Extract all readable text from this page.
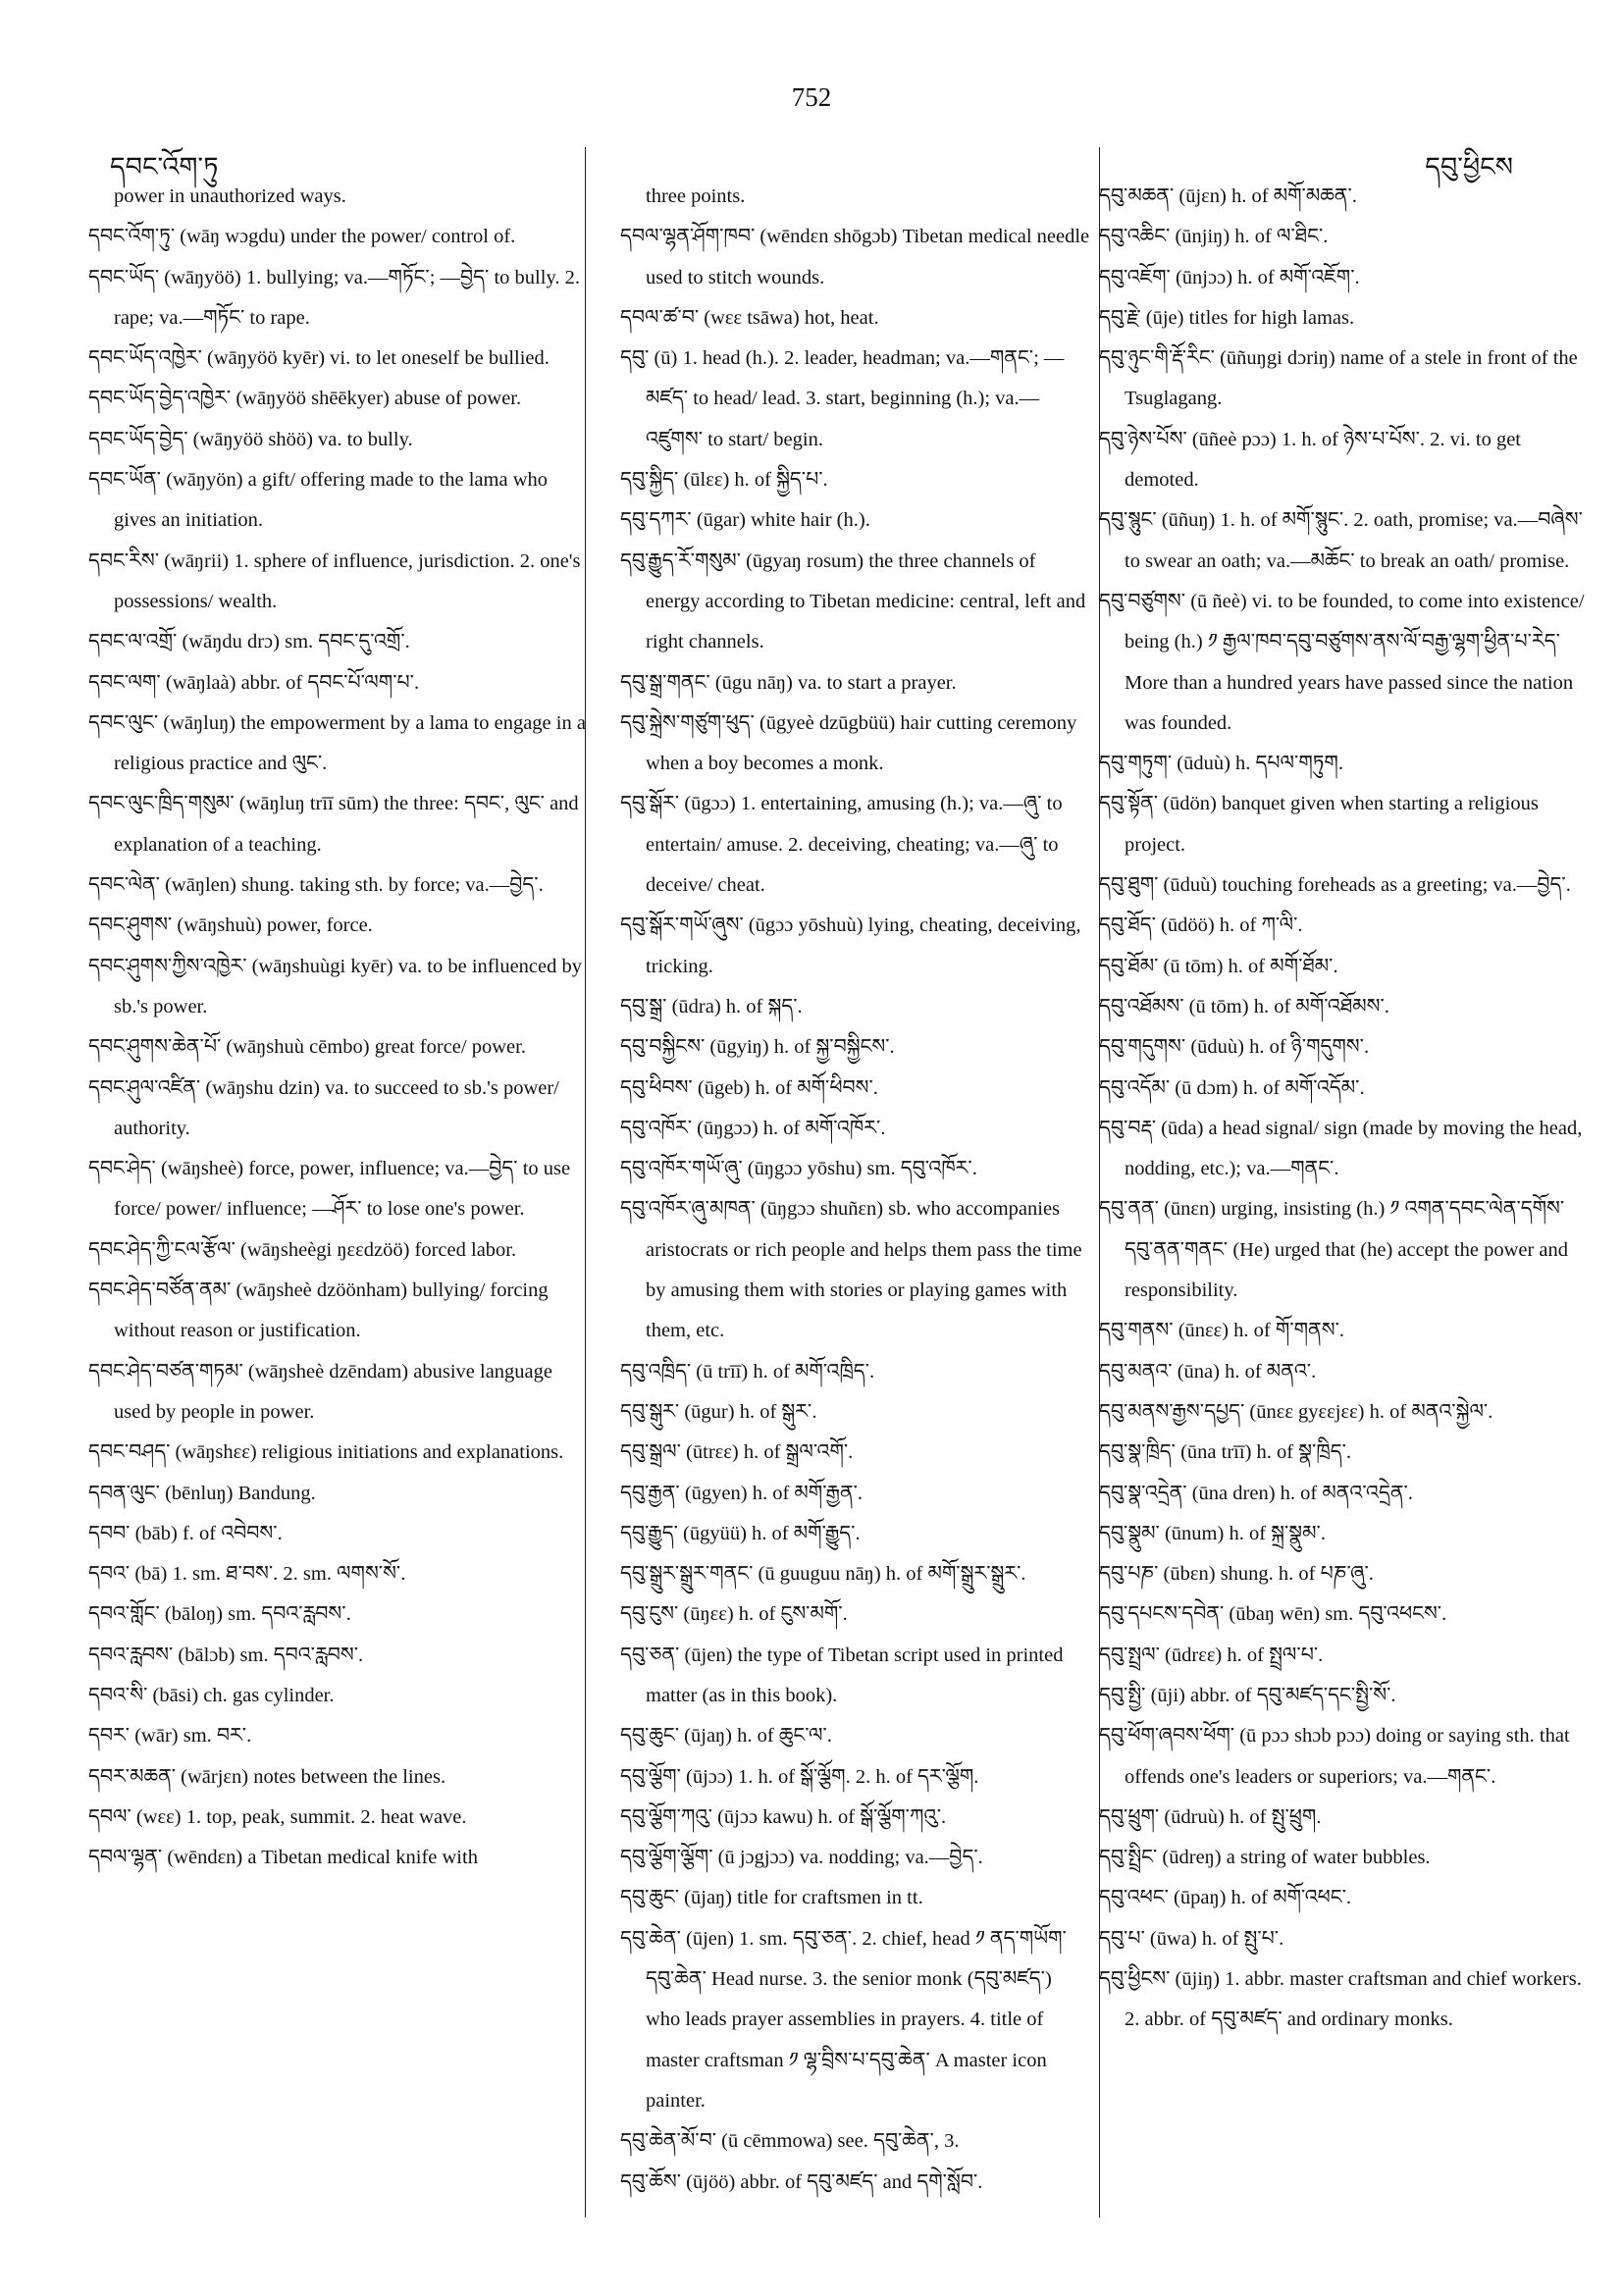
དབང་འོག་ཏུ
752
དབུ་ཕྱིངས

power in unauthorized ways.

དབང་འོག་ཏུ་ (wāŋ wɔgdu) under the power/ control of.

དབང་ཡོད་ (wāŋyöö) 1. bullying; va.—གཏོང་; —བྱེད་ to bully. 2. rape; va.—གཏོང་ to rape.

དབང་ཡོད་འཁྱེར་ (wāŋyöö kyēr) vi. to let oneself be bullied.

དབང་ཡོད་བྱེད་འཁྱེར་ (wāŋyöö shēēkyer) abuse of power.

དབང་ཡོད་བྱེད་ (wāŋyöö shöö) va. to bully.

དབང་ཡོན་ (wāŋyön) a gift/ offering made to the lama who gives an initiation.

དབང་རིས་ (wāŋrii) 1. sphere of influence, jurisdiction. 2. one's possessions/ wealth.

དབང་ལ་འགྲོ་ (wāŋdu drɔ) sm. དབང་དུ་འགྲོ་.

དབང་ལག་ (wāŋlaà) abbr. of དབང་པོ་ལག་པ་.

དབང་ལུང་ (wāŋluŋ) the empowerment by a lama to engage in a religious practice and ལུང་.

དབང་ལུང་ཁྲིད་གསུམ་ (wāŋluŋ trīī sūm) the three: དབང་, ལུང་ and explanation of a teaching.

དབང་ལེན་ (wāŋlen) shung. taking sth. by force; va.—བྱེད་.

དབང་ཤུགས་ (wāŋshuù) power, force.

དབང་ཤུགས་ཀྱིས་འཁྱེར་ (wāŋshuùgi kyēr) va. to be influenced by sb.'s power.

དབང་ཤུགས་ཆེན་པོ་ (wāŋshuù cēmbo) great force/ power.

དབང་ཤུལ་འཛིན་ (wāŋshu dzin) va. to succeed to sb.'s power/ authority.

དབང་ཤེད་ (wāŋsheè) force, power, influence; va.—བྱེད་ to use force/ power/ influence; —ཤོར་ to lose one's power.

དབང་ཤེད་ཀྱི་ངལ་རྩོལ་ (wāŋsheègi ŋɛɛdzöö) forced labor.

དབང་ཤེད་བཙོན་ནམ་ (wāŋsheè dzöönham) bullying/ forcing without reason or justification.

དབང་ཤེད་བཙན་གཏམ་ (wāŋsheè dzēndam) abusive language used by people in power.

དབང་བཤད་ (wāŋshɛɛ) religious initiations and explanations.

དབན་ལུང་ (bēnluŋ) Bandung.

དབབ་ (bāb) f. of འབེབས་.

དབའ་ (bā) 1. sm. ཐ་བས་. 2. sm. ལགས་སོ་.

དབའ་གློང་ (bāloŋ) sm. དབའ་རླབས་.

དབའ་རླབས་ (bālɔb) sm. དབའ་རླབས་.

དབའ་སི་ (bāsi) ch. gas cylinder.

དབར་ (wār) sm. བར་.

དབར་མཆན་ (wārjɛn) notes between the lines.

དབལ་ (wɛɛ) 1. top, peak, summit. 2. heat wave.

དབལ་ལྷན་ (wēndɛn) a Tibetan medical knife with

three points.

དབལ་ལྷན་ཤོག་ཁབ་ (wēndɛn shōgɔb) Tibetan medical needle used to stitch wounds.

དབལ་ཚ་བ་ (wɛɛ tsāwa) hot, heat.

དབུ་ (ū) 1. head (h.). 2. leader, headman; va.—གནང་; —མཛད་ to head/ lead. 3. start, beginning (h.); va.—འཛུགས་ to start/ begin.

དབུ་སྐྱིད་ (ūlɛɛ) h. of སྐྱིད་པ་.

དབུ་དཀར་ (ūgar) white hair (h.).

དབུ་རྒྱུད་རོ་གསུམ་ (ūgyaŋ rosum) the three channels of energy according to Tibetan medicine: central, left and right channels.

དབུ་སྒྲ་གནང་ (ūgu nāŋ) va. to start a prayer.

དབུ་སྐྲེས་གཙུག་ཕུད་ (ūgyeè dzūgbüü) hair cutting ceremony when a boy becomes a monk.

དབུ་སྒོར་ (ūgɔɔ) 1. entertaining, amusing (h.); va.—ཞུ་ to entertain/ amuse. 2. deceiving, cheating; va.—ཞུ་ to deceive/ cheat.

དབུ་སྒོར་གཡོ་ཞུས་ (ūgɔɔ yōshuù) lying, cheating, deceiving, tricking.

དབུ་སྒྲ་ (ūdra) h. of སྐད་.

དབུ་བསྐྱིངས་ (ūgyiŋ) h. of སྐྱ་བསྐྱིངས་.

དབུ་ཕིབས་ (ūgeb) h. of མགོ་ཕིབས་.

དབུ་འཁོར་ (ūŋgɔɔ) h. of མགོ་འཁོར་.

དབུ་འཁོར་གཡོ་ཞུ་ (ūŋgɔɔ yōshu) sm. དབུ་འཁོར་.

དབུ་འཁོར་ཞུ་མཁན་ (ūŋgɔɔ shuñɛn) sb. who accompanies aristocrats or rich people and helps them pass the time by amusing them with stories or playing games with them, etc.

དབུ་འཁྲིད་ (ū trīī) h. of མགོ་འཁྲིད་.

དབུ་སྒུར་ (ūgur) h. of སྒུར་.

དབུ་སྒྲལ་ (ūtrɛɛ) h. of སྒྲལ་འགོ་.

དབུ་རྒྱན་ (ūgyen) h. of མགོ་རྒྱན་.

དབུ་རྒྱུད་ (ūgyüü) h. of མགོ་རྒྱུད་.

དབུ་སྒྲུར་སྒྲུར་གནང་ (ū guuguu nāŋ) h. of མགོ་སྒྲུར་སྒྲུར་.

དབུ་ངུས་ (ūŋɛɛ) h. of ངུས་མགོ་.

དབུ་ཅན་ (ūjen) the type of Tibetan script used in printed matter (as in this book).

དབུ་ཆུང་ (ūjaŋ) h. of ཆུང་ལ་.

དབུ་ལྕོག་ (ūjɔɔ) 1. h. of སྒོ་ལྕོག. 2. h. of དར་ལྕོག.

དབུ་ལྕོག་ཀའུ་ (ūjɔɔ kawu) h. of སྒོ་ལྕོག་ཀའུ་.

དབུ་ལྕོག་ལྕོག་ (ū jɔgjɔɔ) va. nodding; va.—བྱེད་.

དབུ་ཆུང་ (ūjaŋ) title for craftsmen in tt.

དབུ་ཆེན་ (ūjen) 1. sm. དབུ་ཅན་. 2. chief, head ༡ ནད་གཡོག་དབུ་ཆེན་ Head nurse. 3. the senior monk (དབུ་མཛད་) who leads prayer assemblies in prayers. 4. title of master craftsman ༡ ལྷ་བྲིས་པ་དབུ་ཆེན་ A master icon painter.

དབུ་ཆེན་མོ་བ་ (ū cēmmowa) see. དབུ་ཆེན་, 3.

དབུ་ཆོས་ (ūjöö) abbr. of དབུ་མཛད་ and དགེ་སློབ་.

དབུ་མཆན་ (ūjɛn) h. of མགོ་མཆན་.

དབུ་འཆིང་ (ūnjiŋ) h. of ལ་ཐིང་.

དབུ་འཇོག་ (ūnjɔɔ) h. of མགོ་འཇོག་.

དབུ་རྗེ་ (ūje) titles for high lamas.

དབུ་ཉུང་གི་རྡོ་རིང་ (ūñuŋgi dɔriŋ) name of a stele in front of the Tsuglagang.

དབུ་ཉེས་པོས་ (ūñeè pɔɔ) 1. h. of ཉེས་པ་པོས་. 2. vi. to get demoted.

དབུ་སྙུང་ (ūñuŋ) 1. h. of མགོ་སྙུང་. 2. oath, promise; va.—བཞེས་ to swear an oath; va.—མཆོང་ to break an oath/ promise.

དབུ་བཙུགས་ (ū ñeè) vi. to be founded, to come into existence/ being (h.) ༡ རྒྱལ་ཁབ་དབུ་བཙུགས་ནས་ལོ་བརྒྱ་ལྷག་ཕྱིན་པ་རེད་ More than a hundred years have passed since the nation was founded.

དབུ་གཏུག་ (ūduù) h. དཔལ་གཏུག.

དབུ་སྟོན་ (ūdön) banquet given when starting a religious project.

དབུ་ཐུག་ (ūduù) touching foreheads as a greeting; va.—བྱེད་.

དབུ་ཐོད་ (ūdöö) h. of ཀ་ལི་.

དབུ་ཐོམ་ (ū tōm) h. of མགོ་ཐོམ་.

དབུ་འཐོམས་ (ū tōm) h. of མགོ་འཐོམས་.

དབུ་གདུགས་ (ūduù) h. of ཉི་གདུགས་.

དབུ་འདོམ་ (ū dɔm) h. of མགོ་འདོམ་.

དབུ་བརྡ་ (ūda) a head signal/ sign (made by moving the head, nodding, etc.); va.—གནང་.

དབུ་ནན་ (ūnɛn) urging, insisting (h.) ༡ འགན་དབང་ལེན་དགོས་དབུ་ནན་གནང་ (He) urged that (he) accept the power and responsibility.

དབུ་གནས་ (ūnɛɛ) h. of གོ་གནས་.

དབུ་མནའ་ (ūna) h. of མནའ་.

དབུ་མནས་རྒྱས་དཔྱད་ (ūnɛɛ gyɛɛjɛɛ) h. of མནའ་སྐྱེལ་.

དབུ་སྣ་ཁྲིད་ (ūna trīī) h. of སྣ་ཁྲིད་.

དབུ་སྣ་འདྲེན་ (ūna dren) h. of མནའ་འདྲེན་.

དབུ་སྣུམ་ (ūnum) h. of སྐྲ་སྣུམ་.

དབུ་པཎ་ (ūbɛn) shung. h. of པཎ་ཞུ་.

དབུ་དཔངས་དབེན་ (ūbaŋ wēn) sm. དབུ་འཕངས་.

དབུ་སྤྲལ་ (ūdrɛɛ) h. of སྤྲལ་པ་.

དབུ་སྤྱི་ (ūji) abbr. of དབུ་མཛད་དང་སྤྱི་སོ་.

དབུ་ཕོག་ཞབས་ཕོག་ (ū pɔɔ shɔb pɔɔ) doing or saying sth. that offends one's leaders or superiors; va.—གནང་.

དབུ་ཕྲུག་ (ūdruù) h. of སྤུ་ཕྲུག.

དབུ་སྤྲིང་ (ūdreŋ) a string of water bubbles.

དབུ་འཕང་ (ūpaŋ) h. of མགོ་འཕང་.

དབུ་པ་ (ūwa) h. of སྤུ་པ་.

དབུ་ཕྱིངས་ (ūjiŋ) 1. abbr. master craftsman and chief workers. 2. abbr. of དབུ་མཛད་ and ordinary monks.
